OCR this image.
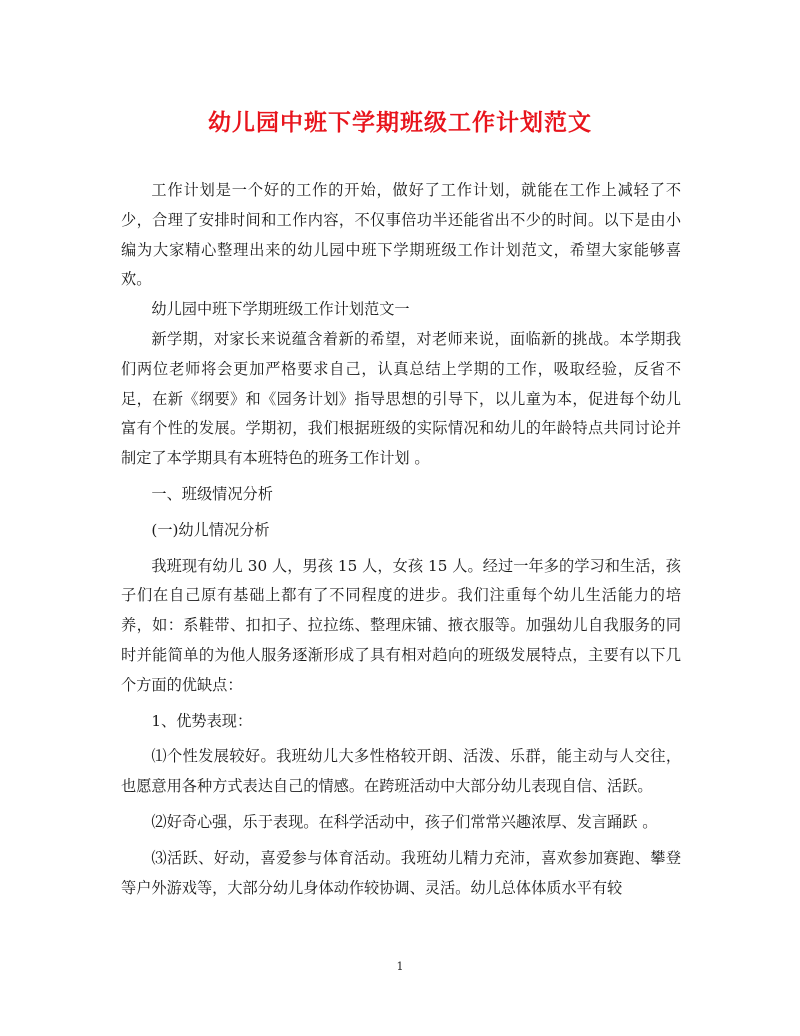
幼儿园中班下学期班级工作计划范文

工作计划是一个好的工作的开始，做好了工作计划，就能在工作上减轻了不少，合理了安排时间和工作内容，不仅事倍功半还能省出不少的时间。以下是由小编为大家精心整理出来的幼儿园中班下学期班级工作计划范文，希望大家能够喜欢。

幼儿园中班下学期班级工作计划范文一

新学期，对家长来说蕴含着新的希望，对老师来说，面临新的挑战。本学期我们两位老师将会更加严格要求自己，认真总结上学期的工作，吸取经验，反省不足，在新《纲要》和《园务计划》指导思想的引导下，以儿童为本，促进每个幼儿富有个性的发展。学期初，我们根据班级的实际情况和幼儿的年龄特点共同讨论并制定了本学期具有本班特色的班务工作计划 。

一、班级情况分析

(一)幼儿情况分析

我班现有幼儿 30 人，男孩 15 人，女孩 15 人。经过一年多的学习和生活，孩子们在自己原有基础上都有了不同程度的进步。我们注重每个幼儿生活能力的培养，如：系鞋带、扣扣子、拉拉练、整理床铺、掖衣服等。加强幼儿自我服务的同时并能简单的为他人服务逐渐形成了具有相对趋向的班级发展特点，主要有以下几个方面的优缺点：

1、优势表现：

⑴个性发展较好。我班幼儿大多性格较开朗、活泼、乐群，能主动与人交往，也愿意用各种方式表达自己的情感。在跨班活动中大部分幼儿表现自信、活跃。

⑵好奇心强，乐于表现。在科学活动中，孩子们常常兴趣浓厚、发言踊跃 。

⑶活跃、好动，喜爱参与体育活动。我班幼儿精力充沛，喜欢参加赛跑、攀登等户外游戏等，大部分幼儿身体动作较协调、灵活。幼儿总体体质水平有较

1
